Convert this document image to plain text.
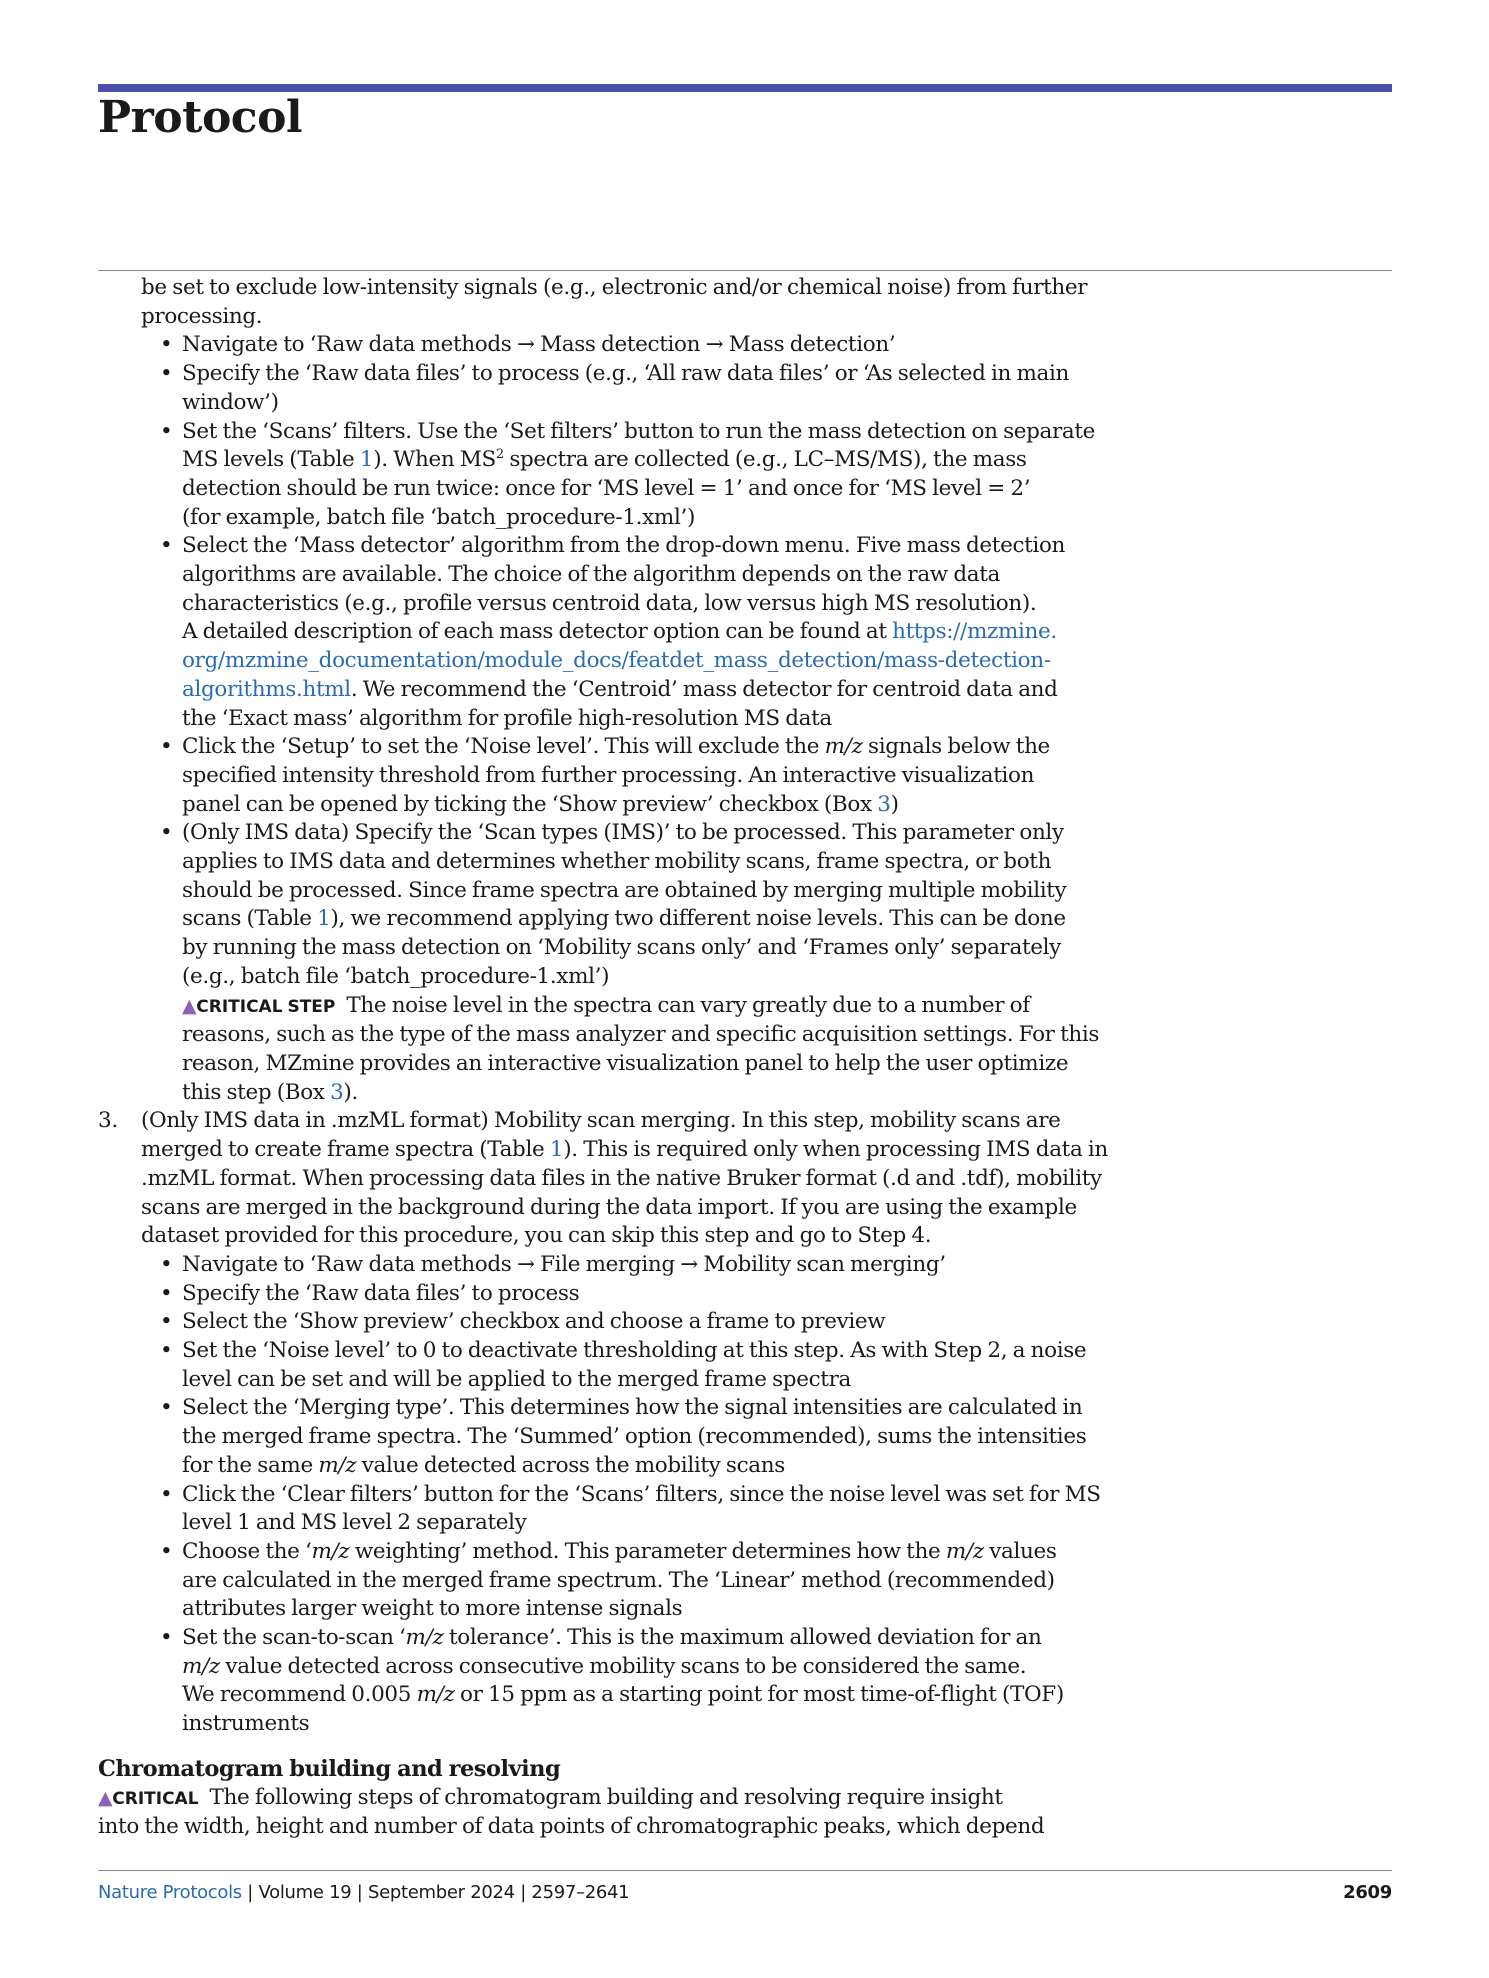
Protocol
be set to exclude low-intensity signals (e.g., electronic and/or chemical noise) from further
processing.
• Navigate to ‘Raw data methods → Mass detection → Mass detection’
• Specify the ‘Raw data files’ to process (e.g., ‘All raw data files’ or ‘As selected in main
window’)
• Set the ‘Scans’ filters. Use the ‘Set filters’ button to run the mass detection on separate
MS levels (Table 1). When $MS^2$ spectra are collected (e.g., LC–MS/MS), the mass
detection should be run twice: once for ‘MS level = 1’ and once for ‘MS level = 2’
(for example, batch file ‘batch_procedure-1.xml’)
• Select the ‘Mass detector’ algorithm from the drop-down menu. Five mass detection
algorithms are available. The choice of the algorithm depends on the raw data
characteristics (e.g., profile versus centroid data, low versus high MS resolution).
A detailed description of each mass detector option can be found at https://mzmine.
org/mzmine_documentation/module_docs/featdet_mass_detection/mass-detection-
algorithms.html. We recommend the ‘Centroid’ mass detector for centroid data and
the ‘Exact mass’ algorithm for profile high-resolution MS data
• Click the ‘Setup’ to set the ‘Noise level’. This will exclude the m/z signals below the
specified intensity threshold from further processing. An interactive visualization
panel can be opened by ticking the ‘Show preview’ checkbox (Box 3)
• (Only IMS data) Specify the ‘Scan types (IMS)’ to be processed. This parameter only
applies to IMS data and determines whether mobility scans, frame spectra, or both
should be processed. Since frame spectra are obtained by merging multiple mobility
scans (Table 1), we recommend applying two different noise levels. This can be done
by running the mass detection on ‘Mobility scans only’ and ‘Frames only’ separately
(e.g., batch file ‘batch_procedure-1.xml’)
▲CRITICAL STEP The noise level in the spectra can vary greatly due to a number of
reasons, such as the type of the mass analyzer and specific acquisition settings. For this
reason, MZmine provides an interactive visualization panel to help the user optimize
this step (Box 3).
3. (Only IMS data in .mzML format) Mobility scan merging. In this step, mobility scans are
merged to create frame spectra (Table 1). This is required only when processing IMS data in
.mzML format. When processing data files in the native Bruker format (.d and .tdf), mobility
scans are merged in the background during the data import. If you are using the example
dataset provided for this procedure, you can skip this step and go to Step 4.
• Navigate to ‘Raw data methods → File merging → Mobility scan merging’
• Specify the ‘Raw data files’ to process
• Select the ‘Show preview’ checkbox and choose a frame to preview
• Set the ‘Noise level’ to 0 to deactivate thresholding at this step. As with Step 2, a noise
level can be set and will be applied to the merged frame spectra
• Select the ‘Merging type’. This determines how the signal intensities are calculated in
the merged frame spectra. The ‘Summed’ option (recommended), sums the intensities
for the same m/z value detected across the mobility scans
• Click the ‘Clear filters’ button for the ‘Scans’ filters, since the noise level was set for MS
level 1 and MS level 2 separately
• Choose the ‘m/z weighting’ method. This parameter determines how the m/z values
are calculated in the merged frame spectrum. The ‘Linear’ method (recommended)
attributes larger weight to more intense signals
• Set the scan-to-scan ‘m/z tolerance’. This is the maximum allowed deviation for an
m/z value detected across consecutive mobility scans to be considered the same.
We recommend 0.005 m/z or 15 ppm as a starting point for most time-of-flight (TOF)
instruments
Chromatogram building and resolving
▲CRITICAL The following steps of chromatogram building and resolving require insight
into the width, height and number of data points of chromatographic peaks, which depend
Nature Protocols | Volume 19 | September 2024 | 2597–2641	2609
